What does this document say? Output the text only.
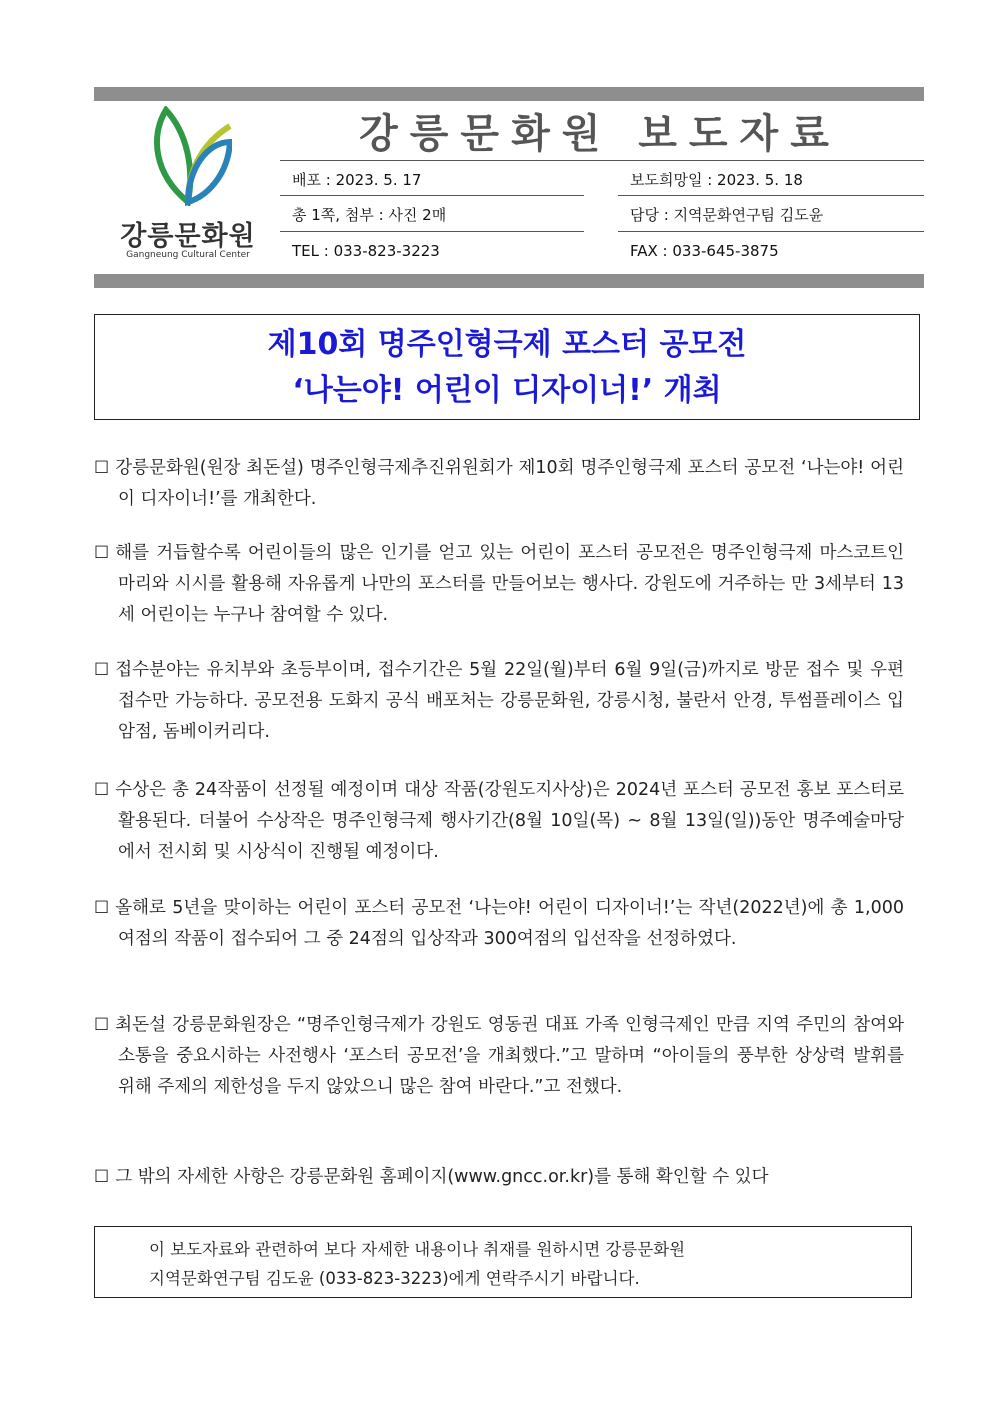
강릉문화원
Gangneung Cultural Center
강릉문화원 보도자료
배포 : 2023. 5. 17	보도희망일 : 2023. 5. 18
총 1쪽, 첨부 : 사진 2매	담당 : 지역문화연구팀 김도윤
TEL : 033-823-3223	FAX : 033-645-3875
제10회 명주인형극제 포스터 공모전
‘나는야! 어린이 디자이너!’ 개최
☐ 강릉문화원(원장 최돈설) 명주인형극제추진위원회가 제10회 명주인형극제 포스터 공모전 ‘나는야! 어린이 디자이너!’를 개최한다.
☐ 해를 거듭할수록 어린이들의 많은 인기를 얻고 있는 어린이 포스터 공모전은 명주인형극제 마스코트인 마리와 시시를 활용해 자유롭게 나만의 포스터를 만들어보는 행사다. 강원도에 거주하는 만 3세부터 13세 어린이는 누구나 참여할 수 있다.
☐ 접수분야는 유치부와 초등부이며, 접수기간은 5월 22일(월)부터 6월 9일(금)까지로 방문 접수 및 우편 접수만 가능하다. 공모전용 도화지 공식 배포처는 강릉문화원, 강릉시청, 불란서 안경, 투썸플레이스 입암점, 돔베이커리다.
☐ 수상은 총 24작품이 선정될 예정이며 대상 작품(강원도지사상)은 2024년 포스터 공모전 홍보 포스터로 활용된다. 더불어 수상작은 명주인형극제 행사기간(8월 10일(목) ~ 8월 13일(일))동안 명주예술마당에서 전시회 및 시상식이 진행될 예정이다.
☐ 올해로 5년을 맞이하는 어린이 포스터 공모전 ‘나는야! 어린이 디자이너!’는 작년(2022년)에 총 1,000여점의 작품이 접수되어 그 중 24점의 입상작과 300여점의 입선작을 선정하였다.
☐ 최돈설 강릉문화원장은 “명주인형극제가 강원도 영동권 대표 가족 인형극제인 만큼 지역 주민의 참여와 소통을 중요시하는 사전행사 ‘포스터 공모전’을 개최했다.”고 말하며 “아이들의 풍부한 상상력 발휘를 위해 주제의 제한성을 두지 않았으니 많은 참여 바란다.”고 전했다.
☐ 그 밖의 자세한 사항은 강릉문화원 홈페이지(www.gncc.or.kr)를 통해 확인할 수 있다
이 보도자료와 관련하여 보다 자세한 내용이나 취재를 원하시면 강릉문화원
지역문화연구팀 김도윤 (033-823-3223)에게 연락주시기 바랍니다.
